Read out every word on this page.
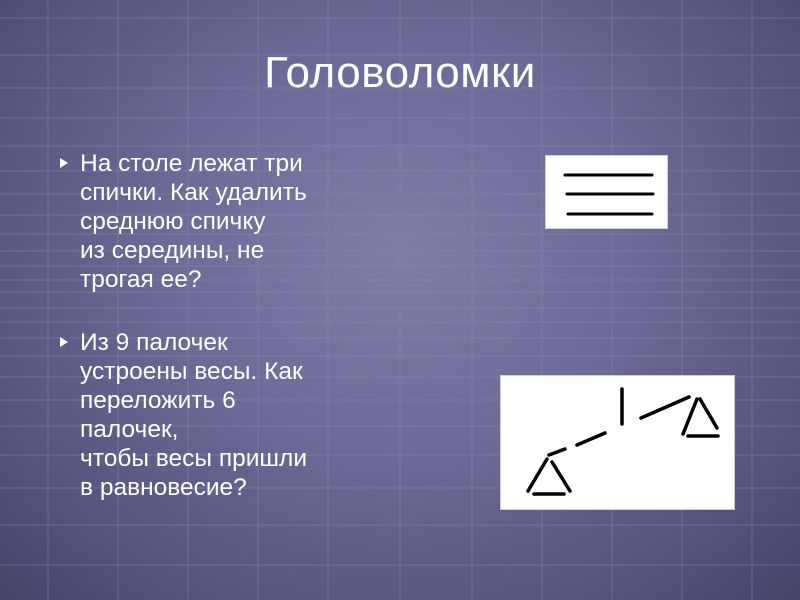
Головоломки
На столе лежат три
спички. Как удалить
среднюю спичку
из середины, не
трогая ее?
Из 9 палочек
устроены весы. Как
переложить 6
палочек,
чтобы весы пришли
в равновесие?
